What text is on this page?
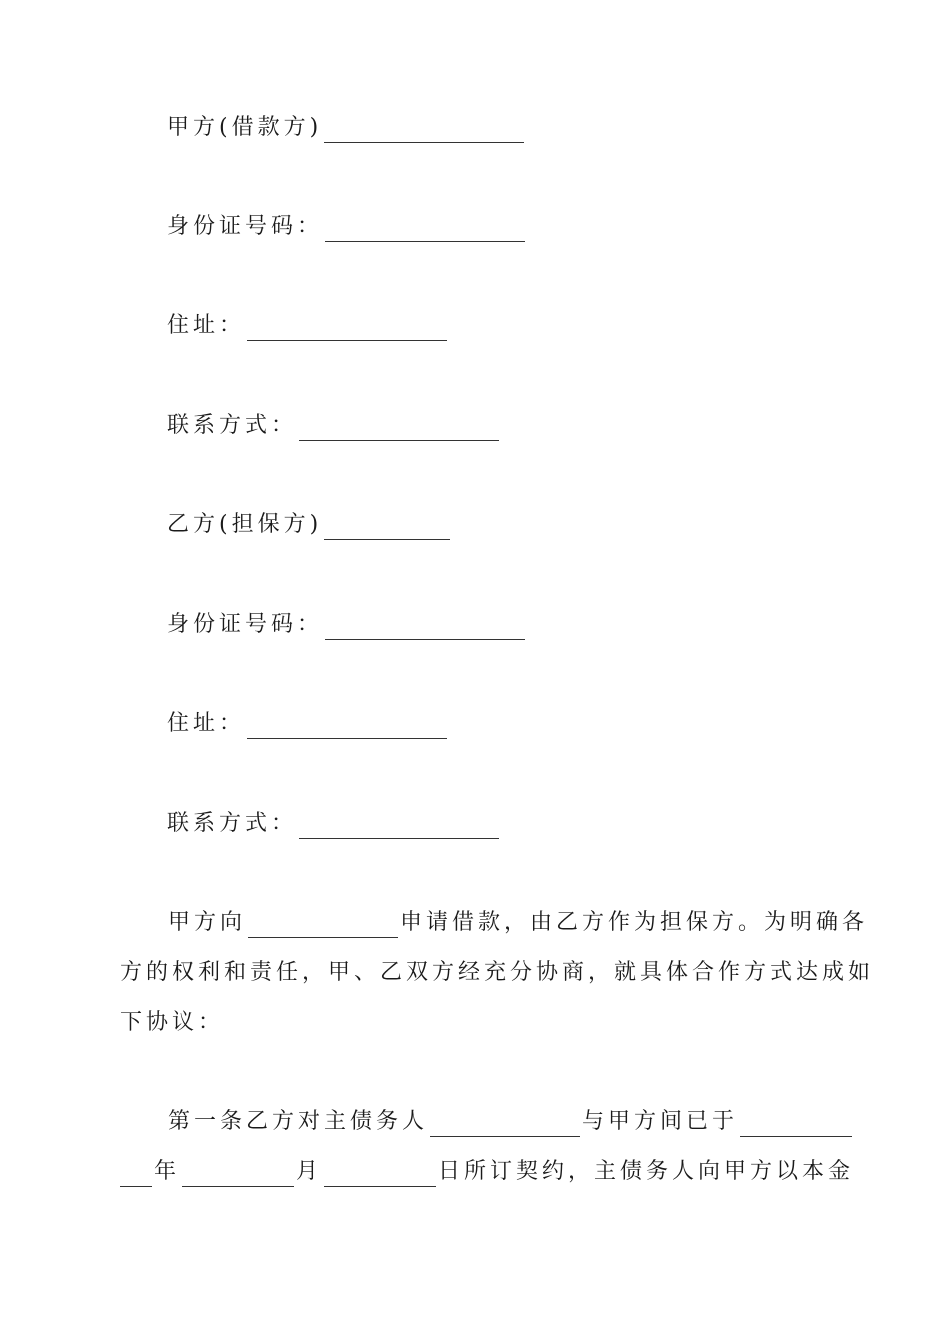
甲方(借款方)
身份证号码：
住址：
联系方式：
乙方(担保方)
身份证号码：
住址：
联系方式：
甲方向	申请借款，由乙方作为担保方。为明确各
方的权利和责任，甲、乙双方经充分协商，就具体合作方式达成如
下协议：
第一条乙方对主债务人	与甲方间已于
年	月	日所订契约，主债务人向甲方以本金
